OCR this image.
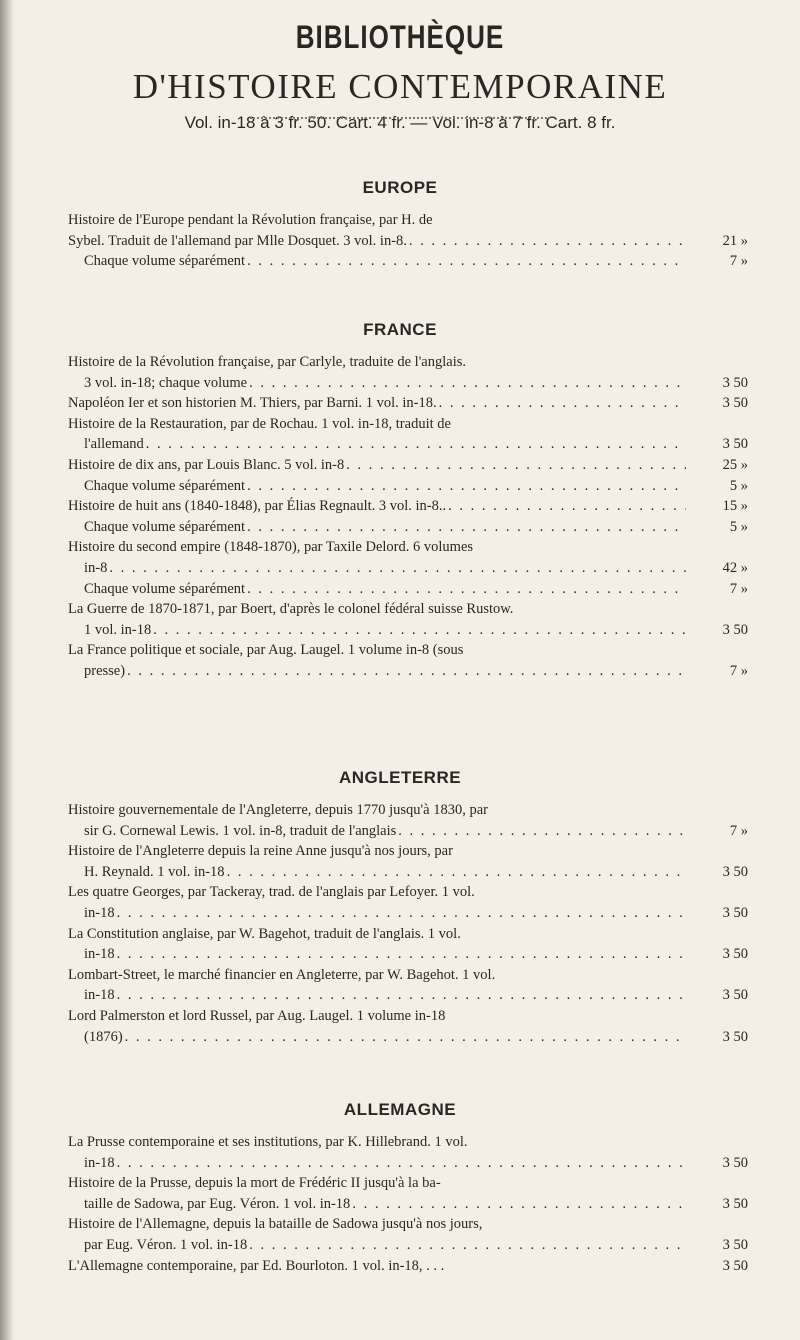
BIBLIOTHÈQUE
D'HISTOIRE CONTEMPORAINE
Vol. in-18 à 3 fr. 50. Cart. 4 fr. — Vol. in-8 à 7 fr. Cart. 8 fr.
EUROPE
Histoire de l'Europe pendant la Révolution française, par H. de
Sybel. Traduit de l'allemand par Mlle Dosquet. 3 vol. in-8. . . .	21 »
Chaque volume séparément . . .	7 »
FRANCE
Histoire de la Révolution française, par Carlyle, traduite de l'anglais.
3 vol. in-18; chaque volume . . .	3 50
Napoléon Ier et son historien M. Thiers, par Barni. 1 vol. in-18. . . .	3 50
Histoire de la Restauration, par de Rochau. 1 vol. in-18, traduit de
l'allemand . . .	3 50
Histoire de dix ans, par Louis Blanc. 5 vol. in-8 . . .	25 »
Chaque volume séparément . . .	5 »
Histoire de huit ans (1840-1848), par Élias Regnault. 3 vol. in-8.. . . .	15 »
Chaque volume séparément . . .	5 »
Histoire du second empire (1848-1870), par Taxile Delord. 6 volumes
in-8 . . .	42 »
Chaque volume séparément . . .	7 »
La Guerre de 1870-1871, par Boert, d'après le colonel fédéral suisse Rustow.
1 vol. in-18 . . .	3 50
La France politique et sociale, par Aug. Laugel. 1 volume in-8 (sous
presse) . . .	7 »
ANGLETERRE
Histoire gouvernementale de l'Angleterre, depuis 1770 jusqu'à 1830, par
sir G. Cornewal Lewis. 1 vol. in-8, traduit de l'anglais . . .	7 »
Histoire de l'Angleterre depuis la reine Anne jusqu'à nos jours, par
H. Reynald. 1 vol. in-18 . . .	3 50
Les quatre Georges, par Tackeray, trad. de l'anglais par Lefoyer. 1 vol.
in-18 . . .	3 50
La Constitution anglaise, par W. Bagehot, traduit de l'anglais. 1 vol.
in-18 . . .	3 50
Lombart-Street, le marché financier en Angleterre, par W. Bagehot. 1 vol.
in-18 . . .	3 50
Lord Palmerston et lord Russel, par Aug. Laugel. 1 volume in-18
(1876) . . .	3 50
ALLEMAGNE
La Prusse contemporaine et ses institutions, par K. Hillebrand. 1 vol.
in-18 . . .	3 50
Histoire de la Prusse, depuis la mort de Frédéric II jusqu'à la ba-
taille de Sadowa, par Eug. Véron. 1 vol. in-18 . . .	3 50
Histoire de l'Allemagne, depuis la bataille de Sadowa jusqu'à nos jours,
par Eug. Véron. 1 vol. in-18 . . .	3 50
L'Allemagne contemporaine, par Ed. Bourloton. 1 vol. in-18, . . .	3 50
